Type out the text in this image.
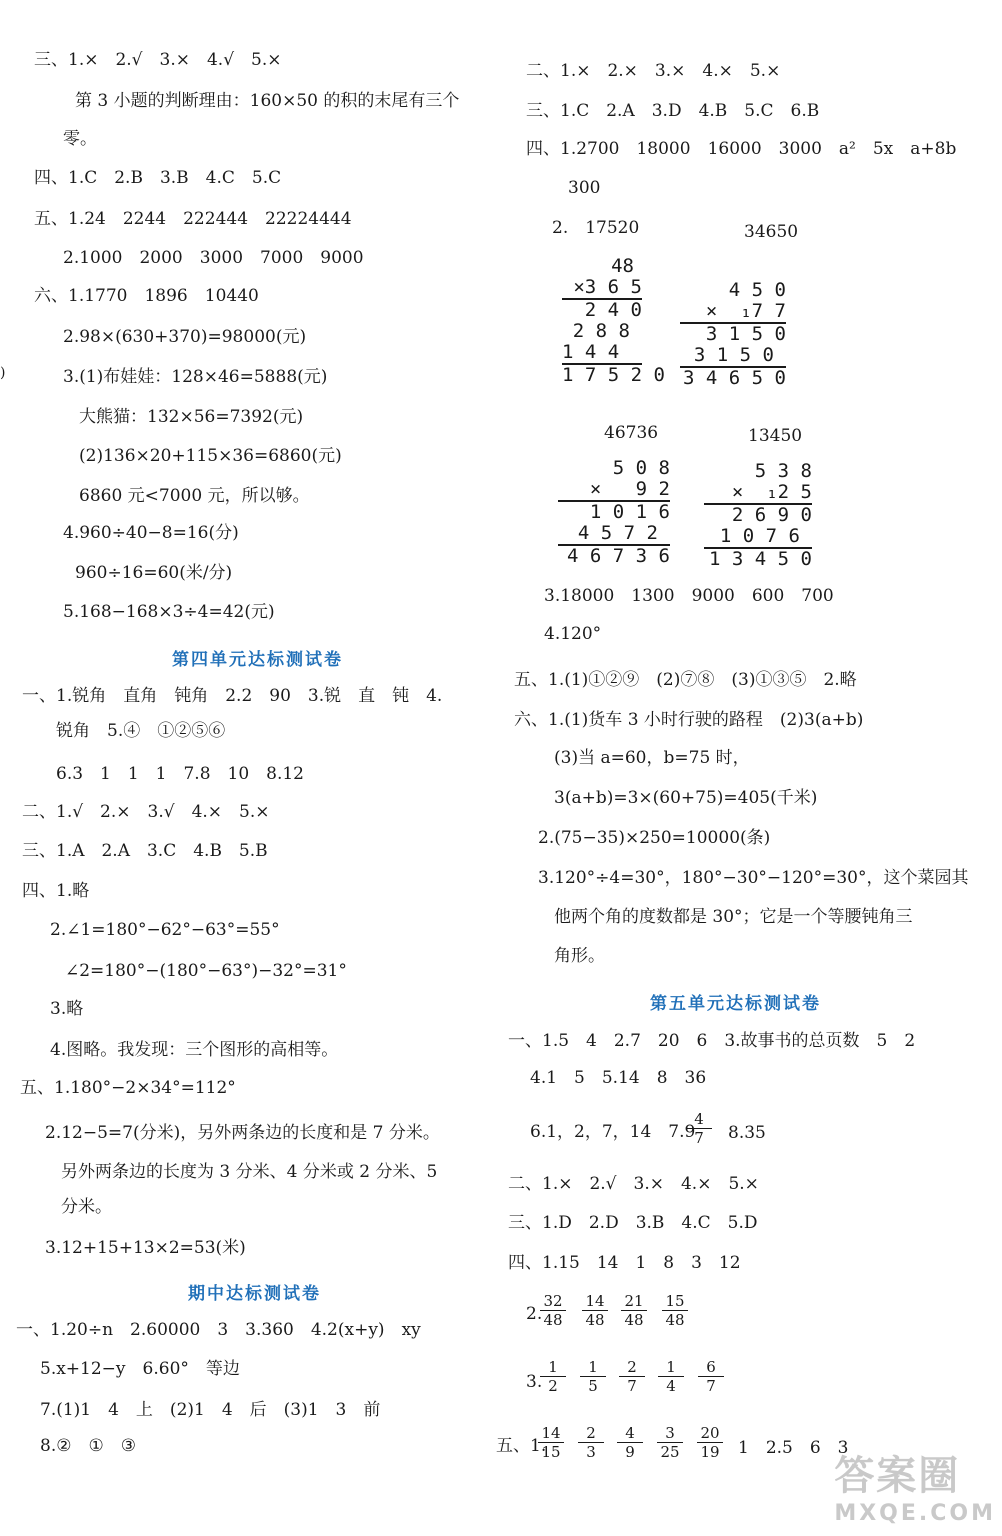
三、1.×　2.√　3.×　4.√　5.×
第 3 小题的判断理由：160×50 的积的末尾有三个
零。
四、1.C　2.B　3.B　4.C　5.C
五、1.24　2244　222444　22224444
2.1000　2000　3000　7000　9000
六、1.1770　1896　10440
2.98×(630+370)=98000(元)
3.(1)布娃娃：128×46=5888(元)
大熊猫：132×56=7392(元)
(2)136×20+115×36=6860(元)
6860 元<7000 元，所以够。
4.960÷40−8=16(分)
960÷16=60(米/分)
5.168−168×3÷4=42(元)
第四单元达标测试卷
一、1.锐角　直角　钝角　2.2　90　3.锐　直　钝　4.
锐角　5.④　①②⑤⑥
6.3　1　1　1　7.8　10　8.12
二、1.√　2.×　3.√　4.×　5.×
三、1.A　2.A　3.C　4.B　5.B
四、1.略
2.∠1=180°−62°−63°=55°
∠2=180°−(180°−63°)−32°=31°
3.略
4.图略。我发现：三个图形的高相等。
五、1.180°−2×34°=112°
2.12−5=7(分米)，另外两条边的长度和是 7 分米。
另外两条边的长度为 3 分米、4 分米或 2 分米、5
分米。
3.12+15+13×2=53(米)
期中达标测试卷
一、1.20÷n　2.60000　3　3.360　4.2(x+y)　xy
5.x+12−y　6.60°　等边
7.(1)1　4　上　(2)1　4　后　(3)1　3　前
8.②　①　③
)
二、1.×　2.×　3.×　4.×　5.×
三、1.C　2.A　3.D　4.B　5.C　6.B
四、1.2700　18000　16000　3000　a²　5x　a+8b
300
2.　17520	34650
48
×3 6 5
2 4 0
2 8 8
1 4 4
1 7 5 2 0
4 5 0
×  ₁7 7
3 1 5 0
3 1 5 0
3 4 6 5 0
46736	13450
5 0 8
×   9 2
1 0 1 6
4 5 7 2
4 6 7 3 6
5 3 8
×  ₁2 5
2 6 9 0
1 0 7 6
1 3 4 5 0
3.18000　1300　9000　600　700
4.120°
五、1.(1)①②⑨　(2)⑦⑧　(3)①③⑤　2.略
六、1.(1)货车 3 小时行驶的路程　(2)3(a+b)
(3)当 a=60，b=75 时，
3(a+b)=3×(60+75)=405(千米)
2.(75−35)×250=10000(条)
3.120°÷4=30°，180°−30°−120°=30°，这个菜园其
他两个角的度数都是 30°；它是一个等腰钝角三
角形。
第五单元达标测试卷
一、1.5　4　2.7　20　6　3.故事书的总页数　5　2
4.1　5　5.14　8　36
6.1，2，7，14　7.9
$\frac{4}{7} 8.35$
二、1.×　2.√　3.×　4.×　5.×
三、1.D　2.D　3.B　4.C　5.D
四、1.15　14　1　8　3　12
2.
$\frac{32}{48} \frac{14}{48} \frac{21}{48} \frac{15}{48}$
3.
$\frac{1}{2} \frac{1}{5} \frac{2}{7} \frac{1}{4} \frac{6}{7}$
五、1.
$\frac{14}{15} \frac{2}{3} \frac{4}{9} \frac{3}{25} \frac{20}{19} 1$　2.5　6　3
答案圈
MXQE.COM
